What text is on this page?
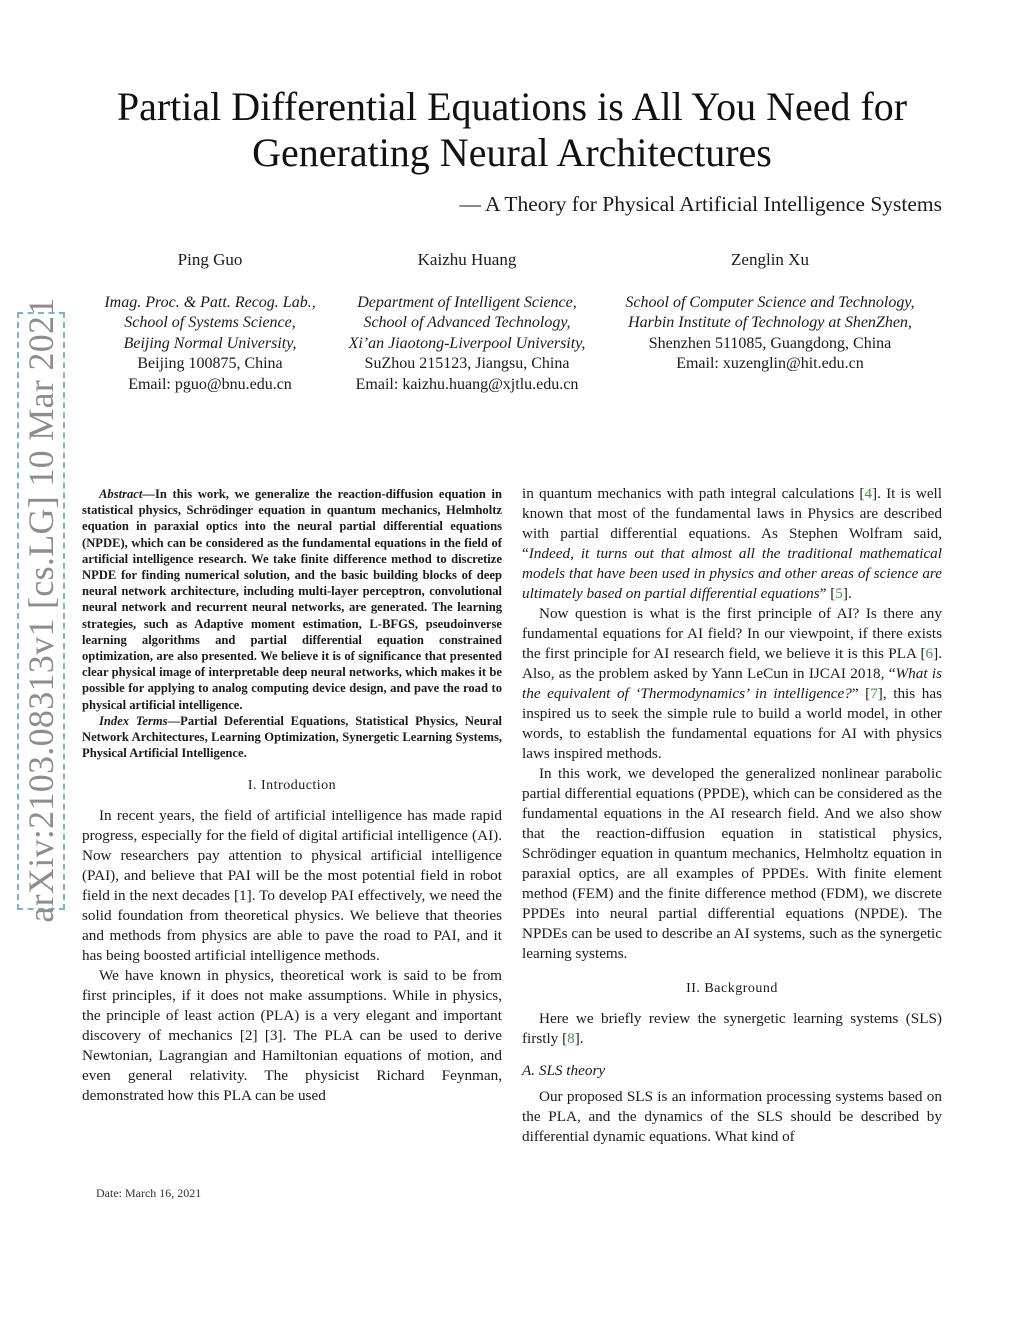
arXiv:2103.08313v1 [cs.LG] 10 Mar 2021
Partial Differential Equations is All You Need for
Generating Neural Architectures
— A Theory for Physical Artificial Intelligence Systems
Ping Guo
Imag. Proc. & Patt. Recog. Lab.,
School of Systems Science,
Beijing Normal University,
Beijing 100875, China
Email: pguo@bnu.edu.cn
Kaizhu Huang
Department of Intelligent Science,
School of Advanced Technology,
Xi’an Jiaotong-Liverpool University,
SuZhou 215123, Jiangsu, China
Email: kaizhu.huang@xjtlu.edu.cn
Zenglin Xu
School of Computer Science and Technology,
Harbin Institute of Technology at ShenZhen,
Shenzhen 511085, Guangdong, China
Email: xuzenglin@hit.edu.cn

Abstract—In this work, we generalize the reaction-diffusion equation in statistical physics, Schrödinger equation in quantum mechanics, Helmholtz equation in paraxial optics into the neural partial differential equations (NPDE), which can be considered as the fundamental equations in the field of artificial intelligence research. We take finite difference method to discretize NPDE for finding numerical solution, and the basic building blocks of deep neural network architecture, including multi-layer perceptron, convolutional neural network and recurrent neural networks, are generated. The learning strategies, such as Adaptive moment estimation, L-BFGS, pseudoinverse learning algorithms and partial differential equation constrained optimization, are also presented. We believe it is of significance that presented clear physical image of interpretable deep neural networks, which makes it be possible for applying to analog computing device design, and pave the road to physical artificial intelligence.

Index Terms—Partial Deferential Equations, Statistical Physics, Neural Network Architectures, Learning Optimization, Synergetic Learning Systems, Physical Artificial Intelligence.

I. Introduction

In recent years, the field of artificial intelligence has made rapid progress, especially for the field of digital artificial intelligence (AI). Now researchers pay attention to physical artificial intelligence (PAI), and believe that PAI will be the most potential field in robot field in the next decades [1]. To develop PAI effectively, we need the solid foundation from theoretical physics. We believe that theories and methods from physics are able to pave the road to PAI, and it has being boosted artificial intelligence methods.

We have known in physics, theoretical work is said to be from first principles, if it does not make assumptions. While in physics, the principle of least action (PLA) is a very elegant and important discovery of mechanics [2] [3]. The PLA can be used to derive Newtonian, Lagrangian and Hamiltonian equations of motion, and even general relativity. The physicist Richard Feynman, demonstrated how this PLA can be used

in quantum mechanics with path integral calculations [4]. It is well known that most of the fundamental laws in Physics are described with partial differential equations. As Stephen Wolfram said, “Indeed, it turns out that almost all the traditional mathematical models that have been used in physics and other areas of science are ultimately based on partial differential equations” [5].

Now question is what is the first principle of AI? Is there any fundamental equations for AI field? In our viewpoint, if there exists the first principle for AI research field, we believe it is this PLA [6]. Also, as the problem asked by Yann LeCun in IJCAI 2018, “What is the equivalent of ‘Thermodynamics’ in intelligence?” [7], this has inspired us to seek the simple rule to build a world model, in other words, to establish the fundamental equations for AI with physics laws inspired methods.

In this work, we developed the generalized nonlinear parabolic partial differential equations (PPDE), which can be considered as the fundamental equations in the AI research field. And we also show that the reaction-diffusion equation in statistical physics, Schrödinger equation in quantum mechanics, Helmholtz equation in paraxial optics, are all examples of PPDEs. With finite element method (FEM) and the finite difference method (FDM), we discrete PPDEs into neural partial differential equations (NPDE). The NPDEs can be used to describe an AI systems, such as the synergetic learning systems.

II. Background

Here we briefly review the synergetic learning systems (SLS) firstly [8].

A. SLS theory

Our proposed SLS is an information processing systems based on the PLA, and the dynamics of the SLS should be described by differential dynamic equations. What kind of

Date: March 16, 2021
